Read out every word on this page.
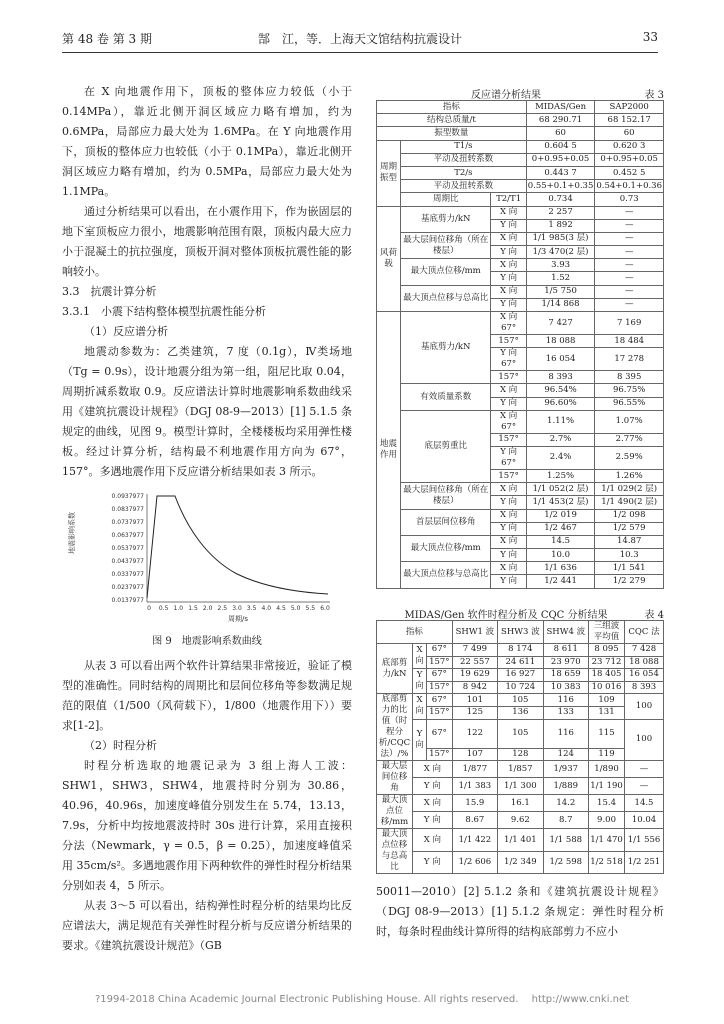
第 48 卷 第 3 期	郜　江，等．上海天文馆结构抗震设计	33

在 X 向地震作用下，顶板的整体应力较低（小于 0.14MPa），靠近北侧开洞区域应力略有增加，约为 0.6MPa，局部应力最大处为 1.6MPa。在 Y 向地震作用下，顶板的整体应力也较低（小于 0.1MPa），靠近北侧开洞区域应力略有增加，约为 0.5MPa，局部应力最大处为 1.1MPa。

通过分析结果可以看出，在小震作用下，作为嵌固层的地下室顶板应力很小，地震影响范围有限，顶板内最大应力小于混凝土的抗拉强度，顶板开洞对整体顶板抗震性能的影响较小。

3.3　抗震计算分析

3.3.1　小震下结构整体模型抗震性能分析

（1）反应谱分析

地震动参数为：乙类建筑，7 度（0.1g），Ⅳ类场地（Tg = 0.9s），设计地震分组为第一组，阻尼比取 0.04，周期折减系数取 0.9。反应谱法计算时地震影响系数曲线采用《建筑抗震设计规程》（DGJ 08-9—2013）[1] 5.1.5 条规定的曲线，见图 9。模型计算时，全楼楼板均采用弹性楼板。经过计算分析，结构最不利地震作用方向为 67°，157°。多遇地震作用下反应谱分析结果如表 3 所示。

地震影响系数
0.0937977
0.0837977
0.0737977
0.0637977
0.0537977
0.0437977
0.0337977
0.0237977
0.0137977
0 0.5 1.0 1.5 2.0 2.5 3.0 3.5 4.0 4.5 5.0 5.5 6.0
周期/s
图 9　地震影响系数曲线

从表 3 可以看出两个软件计算结果非常接近，验证了模型的准确性。同时结构的周期比和层间位移角等参数满足规范的限值（1/500（风荷载下），1/800（地震作用下））要求[1-2]。

（2）时程分析

时程分析选取的地震记录为 3 组上海人工波：SHW1，SHW3，SHW4，地震持时分别为 30.86，40.96，40.96s，加速度峰值分别发生在 5.74，13.13，7.9s，分析中均按地震波持时 30s 进行计算，采用直接积分法（Newmark，γ = 0.5，β = 0.25），加速度峰值采用 35cm/s²。多遇地震作用下两种软件的弹性时程分析结果分别如表 4，5 所示。

从表 3～5 可以看出，结构弹性时程分析的结果均比反应谱法大，满足规范有关弹性时程分析与反应谱分析结果的要求。《建筑抗震设计规范》（GB

反应谱分析结果	表 3
指标			MIDAS/Gen	SAP2000
结构总质量/t			68 290.71	68 152.17
振型数量			60	60
周期振型	T1/s		0.604 5	0.620 3
	平动及扭转系数		0+0.95+0.05	0+0.95+0.05
	T2/s		0.443 7	0.452 5
	平动及扭转系数		0.55+0.1+0.35	0.54+0.1+0.36
	周期比	T2/T1	0.734	0.73
风荷载	基底剪力/kN	X 向	2 257	—
		Y 向	1 892	—
	最大层间位移角（所在楼层）	X 向	1/1 985(3 层)	—
		Y 向	1/3 470(2 层)	—
	最大顶点位移/mm	X 向	3.93	—
		Y 向	1.52	—
	最大顶点位移与总高比	X 向	1/5 750	—
		Y 向	1/14 868	—
地震作用	基底剪力/kN	X 向 67°	7 427	7 169
		157°	18 088	18 484
		Y 向 67°	16 054	17 278
		157°	8 393	8 395
	有效质量系数	X 向	96.54%	96.75%
		Y 向	96.60%	96.55%
	底层剪重比	X 向 67°	1.11%	1.07%
		157°	2.7%	2.77%
		Y 向 67°	2.4%	2.59%
		157°	1.25%	1.26%
	最大层间位移角（所在楼层）	X 向	1/1 052(2 层)	1/1 029(2 层)
		Y 向	1/1 453(2 层)	1/1 490(2 层)
	首层层间位移角	X 向	1/2 019	1/2 098
		Y 向	1/2 467	1/2 579
	最大顶点位移/mm	X 向	14.5	14.87
		Y 向	10.0	10.3
	最大顶点位移与总高比	X 向	1/1 636	1/1 541
		Y 向	1/2 441	1/2 279
MIDAS/Gen 软件时程分析及 CQC 分析结果	表 4
指标			SHW1 波	SHW3 波	SHW4 波	三组波平均值	CQC 法
底部剪力/kN	X 向	67°	7 499	8 174	8 611	8 095	7 428
		157°	22 557	24 611	23 970	23 712	18 088
	Y 向	67°	19 629	16 927	18 659	18 405	16 054
		157°	8 942	10 724	10 383	10 016	8 393
底部剪力的比值（时程分析/CQC 法）/%	X 向	67°	101	105	116	109	100
		157°	125	136	133	131	
	Y 向	67°	122	105	116	115	100
		157°	107	128	124	119	
最大层间位移角	X 向		1/877	1/857	1/937	1/890	—
	Y 向		1/1 383	1/1 300	1/889	1/1 190	—
最大顶点位移/mm	X 向		15.9	16.1	14.2	15.4	14.5
	Y 向		8.67	9.62	8.7	9.00	10.04
最大顶点位移与总高比	X 向		1/1 422	1/1 401	1/1 588	1/1 470	1/1 556
	Y 向		1/2 606	1/2 349	1/2 598	1/2 518	1/2 251
50011—2010）[2] 5.1.2 条和《建筑抗震设计规程》（DGJ 08-9—2013）[1] 5.1.2 条规定：弹性时程分析时，每条时程曲线计算所得的结构底部剪力不应小
?1994-2018 China Academic Journal Electronic Publishing House. All rights reserved.　 http://www.cnki.net
